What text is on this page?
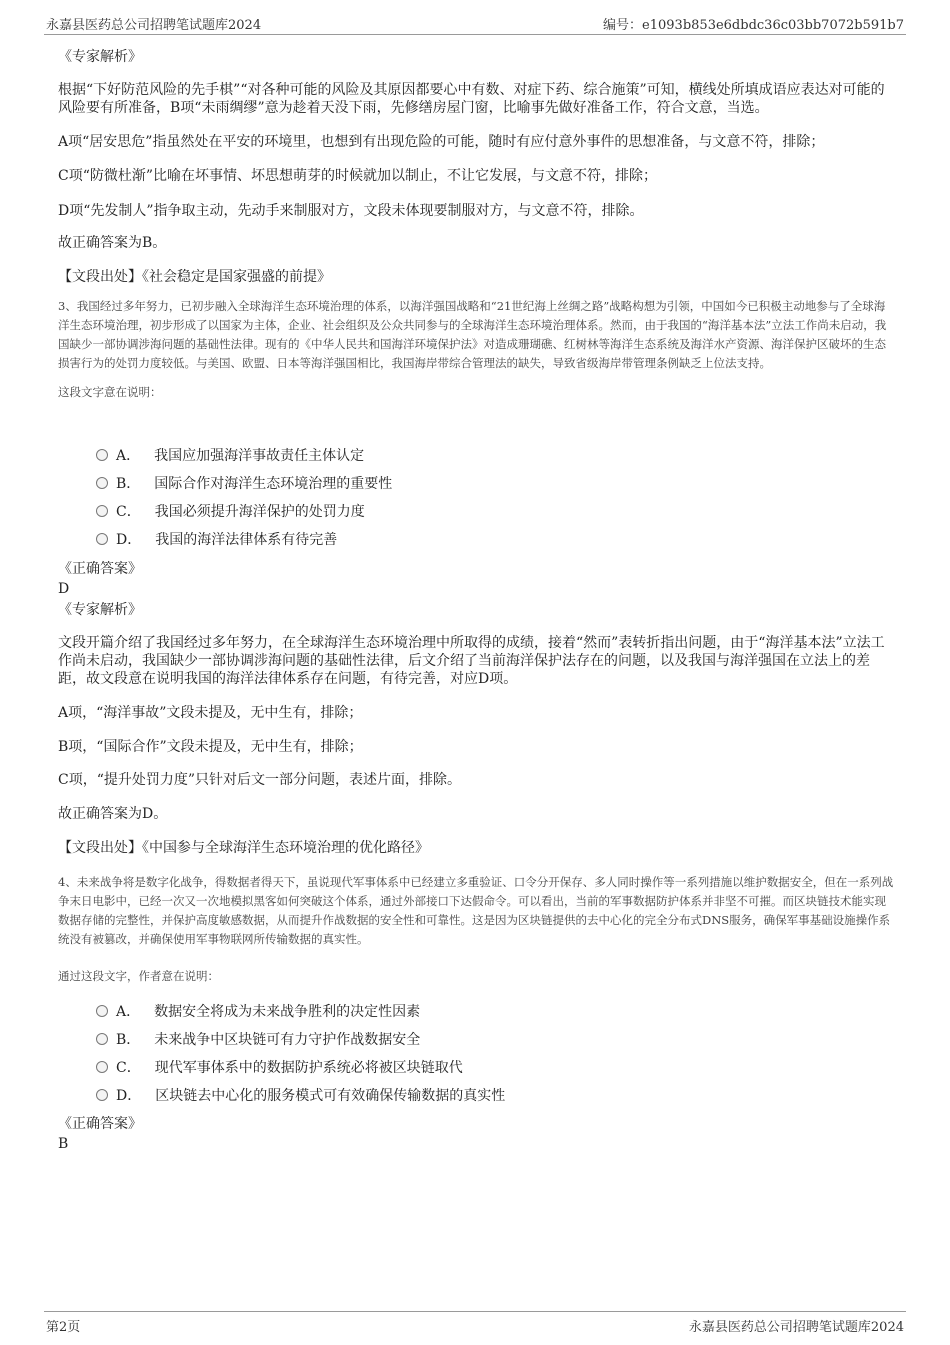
永嘉县医药总公司招聘笔试题库2024	编号：e1093b853e6dbdc36c03bb7072b591b7

《专家解析》

根据“下好防范风险的先手棋”“对各种可能的风险及其原因都要心中有数、对症下药、综合施策”可知，横线处所填成语应表达对可能的风险要有所准备，B项“未雨绸缪”意为趁着天没下雨，先修缮房屋门窗，比喻事先做好准备工作，符合文意，当选。

A项“居安思危”指虽然处在平安的环境里，也想到有出现危险的可能，随时有应付意外事件的思想准备，与文意不符，排除；

C项“防微杜渐”比喻在坏事情、坏思想萌芽的时候就加以制止，不让它发展，与文意不符，排除；

D项“先发制人”指争取主动，先动手来制服对方，文段未体现要制服对方，与文意不符，排除。

故正确答案为B。

【文段出处】《社会稳定是国家强盛的前提》

3、我国经过多年努力，已初步融入全球海洋生态环境治理的体系，以海洋强国战略和“21世纪海上丝绸之路”战略构想为引领，中国如今已积极主动地参与了全球海洋生态环境治理，初步形成了以国家为主体，企业、社会组织及公众共同参与的全球海洋生态环境治理体系。然而，由于我国的“海洋基本法”立法工作尚未启动，我国缺少一部协调涉海问题的基础性法律。现有的《中华人民共和国海洋环境保护法》对造成珊瑚礁、红树林等海洋生态系统及海洋水产资源、海洋保护区破坏的生态损害行为的处罚力度较低。与美国、欧盟、日本等海洋强国相比，我国海岸带综合管理法的缺失，导致省级海岸带管理条例缺乏上位法支持。

这段文字意在说明：

A． 我国应加强海洋事故责任主体认定
B． 国际合作对海洋生态环境治理的重要性
C． 我国必须提升海洋保护的处罚力度
D． 我国的海洋法律体系有待完善

《正确答案》

D

《专家解析》

文段开篇介绍了我国经过多年努力，在全球海洋生态环境治理中所取得的成绩，接着“然而”表转折指出问题，由于“海洋基本法”立法工作尚未启动，我国缺少一部协调涉海问题的基础性法律，后文介绍了当前海洋保护法存在的问题，以及我国与海洋强国在立法上的差距，故文段意在说明我国的海洋法律体系存在问题，有待完善，对应D项。

A项，“海洋事故”文段未提及，无中生有，排除；

B项，“国际合作”文段未提及，无中生有，排除；

C项，“提升处罚力度”只针对后文一部分问题，表述片面，排除。

故正确答案为D。

【文段出处】《中国参与全球海洋生态环境治理的优化路径》

4、未来战争将是数字化战争，得数据者得天下，虽说现代军事体系中已经建立多重验证、口令分开保存、多人同时操作等一系列措施以维护数据安全，但在一系列战争末日电影中，已经一次又一次地模拟黑客如何突破这个体系，通过外部接口下达假命令。可以看出，当前的军事数据防护体系并非坚不可摧。而区块链技术能实现数据存储的完整性，并保护高度敏感数据，从而提升作战数据的安全性和可靠性。这是因为区块链提供的去中心化的完全分布式DNS服务，确保军事基础设施操作系统没有被篡改，并确保使用军事物联网所传输数据的真实性。

通过这段文字，作者意在说明：

A． 数据安全将成为未来战争胜利的决定性因素
B． 未来战争中区块链可有力守护作战数据安全
C． 现代军事体系中的数据防护系统必将被区块链取代
D． 区块链去中心化的服务模式可有效确保传输数据的真实性

《正确答案》

B

第2页	永嘉县医药总公司招聘笔试题库2024
